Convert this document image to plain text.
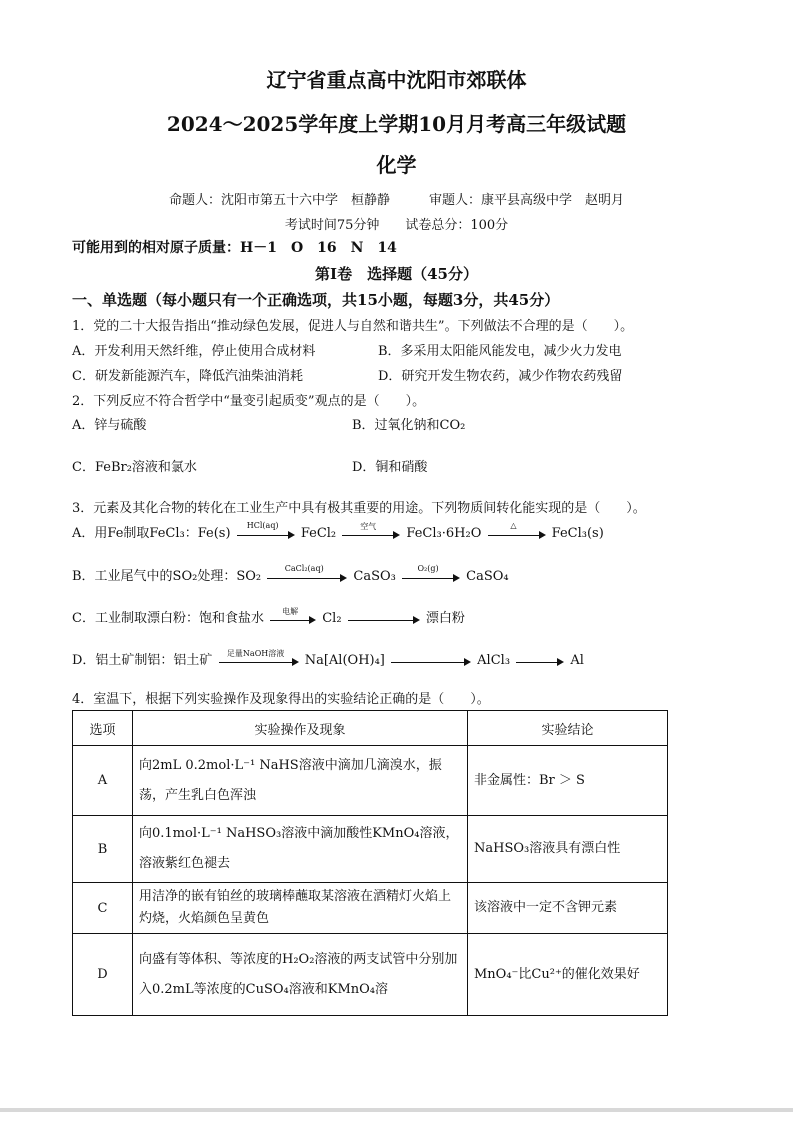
辽宁省重点高中沈阳市郊联体
2024～2025学年度上学期10月月考高三年级试题
化学
命题人：沈阳市第五十六中学　桓静静　　　审题人：康平县高级中学　赵明月
考试时间75分钟　　试卷总分：100分
可能用到的相对原子质量：H－1　O　16　N　14
第Ⅰ卷　选择题（45分）
一、单选题（每小题只有一个正确选项，共15小题，每题3分，共45分）
1．党的二十大报告指出“推动绿色发展，促进人与自然和谐共生”。下列做法不合理的是（　　）。
A．开发利用天然纤维，停止使用合成材料	B．多采用太阳能风能发电，减少火力发电
C．研发新能源汽车，降低汽油柴油消耗	D．研究开发生物农药，减少作物农药残留
2．下列反应不符合哲学中“量变引起质变”观点的是（　　）。
A．锌与硫酸	B．过氧化钠和CO₂
C．FeBr₂溶液和氯水	D．铜和硝酸
3．元素及其化合物的转化在工业生产中具有极其重要的用途。下列物质间转化能实现的是（　　）。
A．用Fe制取FeCl₃：Fe(s)
HCl(aq)
FeCl₂	空气	FeCl₃·6H₂O
△
FeCl₃(s)
B．工业尾气中的SO₂处理：SO₂
CaCl₂(aq)
CaSO₃
O₂(g)
CaSO₄
C．工业制取漂白粉：饱和食盐水	电解	Cl₂	漂白粉
D．铝土矿制铝：铝土矿	足量NaOH溶液	Na[Al(OH)₄]	AlCl₃	Al
4．室温下，根据下列实验操作及现象得出的实验结论正确的是（　　）。
选项	实验操作及现象	实验结论
A	向2mL 0.2mol·L⁻¹ NaHS溶液中滴加几滴溴水，振荡，产生乳白色浑浊	非金属性：Br ＞ S
B	向0.1mol·L⁻¹ NaHSO₃溶液中滴加酸性KMnO₄溶液，溶液紫红色褪去	NaHSO₃溶液具有漂白性
C	用洁净的嵌有铂丝的玻璃棒蘸取某溶液在酒精灯火焰上灼烧，火焰颜色呈黄色	该溶液中一定不含钾元素
D	向盛有等体积、等浓度的H₂O₂溶液的两支试管中分别加入0.2mL等浓度的CuSO₄溶液和KMnO₄溶	MnO₄⁻比Cu²⁺的催化效果好
